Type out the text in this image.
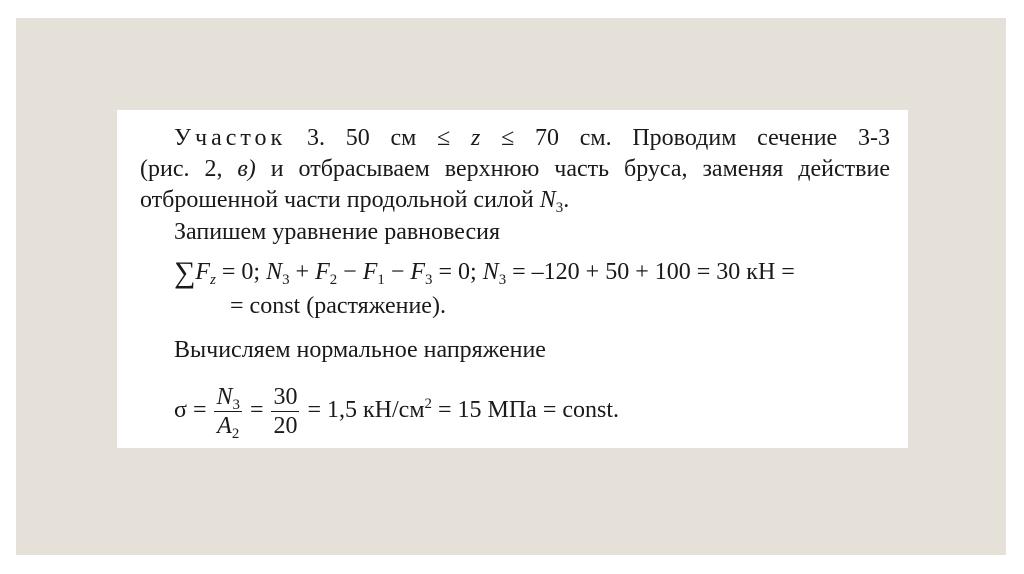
Участок 3. 50 см ≤ z ≤ 70 см. Проводим сечение 3-3
(рис. 2, в) и отбрасываем верхнюю часть бруса, заменяя действие
отброшенной части продольной силой $N_3$.
Запишем уравнение равновесия
$\sum F_z = 0$; $N_3 + F_2 - F_1 - F_3 = 0$; $N_3 = -120 + 50 + 100 = 30$ кН =
= const (растяжение).
Вычисляем нормальное напряжение
$\sigma = \frac{N_3}{A_2} = \frac{30}{20} = 1,5$ $кН/см^2 = 15$ МПа = const.
